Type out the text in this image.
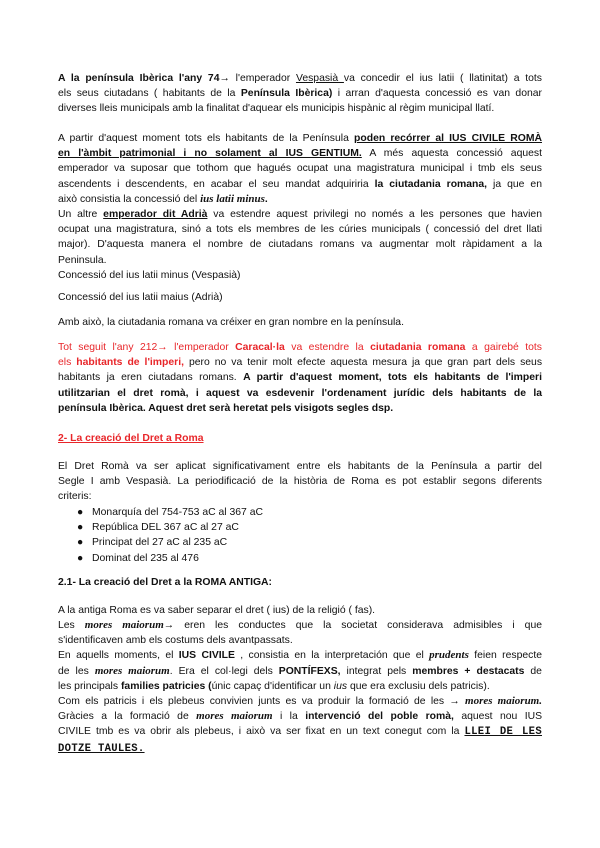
A la península Ibèrica l'any 74→ l'emperador Vespasià va concedir el ius latii ( llatinitat) a tots
els seus ciutadans ( habitants de la Península Ibèrica) i arran d'aquesta concessió es van donar
diverses lleis municipals amb la finalitat d'aquear els municipis hispànic al règim municipal llatí.

A partir d'aquest moment tots els habitants de la Península poden recórrer al IUS CIVILE ROMÀ
en l'àmbit patrimonial i no solament al IUS GENTIUM. A més aquesta concessió aquest
emperador va suposar que tothom que hagués ocupat una magistratura municipal i tmb els seus
ascendents i descendents, en acabar el seu mandat adquiriria la ciutadania romana, ja que en
això consistia la concessió del ius latii minus.
Un altre emperador dit Adrià va estendre aquest privilegi no només a les persones que havien
ocupat una magistratura, sinó a tots els membres de les cúries municipals ( concessió del dret llati
major). D'aquesta manera el nombre de ciutadans romans va augmentar molt ràpidament a la
Peninsula.
Concessió del ius latii minus (Vespasià)

Concessió del ius latii maius (Adrià)

Amb això, la ciutadania romana va créixer en gran nombre en la península.

Tot seguit l'any 212→ l'emperador Caracal·la va estendre la ciutadania romana a gairebé tots
els habitants de l'imperi, pero no va tenir molt efecte aquesta mesura ja que gran part dels seus
habitants ja eren ciutadans romans. A partir d'aquest moment, tots els habitants de l'imperi
utilitzarian el dret romà, i aquest va esdevenir l'ordenament jurídic dels habitants de la
península Ibèrica. Aquest dret serà heretat pels visigots segles dsp.

2- La creació del Dret a Roma

El Dret Romà va ser aplicat significativament entre els habitants de la Península a partir del
Segle I amb Vespasià. La periodificació de la història de Roma es pot establir segons diferents
criteris:

● Monarquía del 754-753 aC al 367 aC
● República DEL 367 aC al 27 aC
● Principat del 27 aC al 235 aC
● Dominat del 235 al 476

2.1- La creació del Dret a la ROMA ANTIGA:

A la antiga Roma es va saber separar el dret ( ius) de la religió ( fas).

Les mores maiorum→ eren les conductes que la societat considerava admisibles i que
s'identificaven amb els costums dels avantpassats.
En aquells moments, el IUS CIVILE , consistia en la interpretación que el prudents feien respecte
de les mores maiorum. Era el col·legi dels PONTÍFEXS, integrat pels membres + destacats de
les principals families patricies (únic capaç d'identificar un ius que era exclusiu dels patricis).
Com els patricis i els plebeus convivien junts es va produir la formació de les → mores maiorum.
Gràcies a la formació de mores maiorum i la intervenció del poble romà, aquest nou IUS
CIVILE tmb es va obrir als plebeus, i això va ser fixat en un text conegut com la LLEI DE LES
DOTZE TAULES.
